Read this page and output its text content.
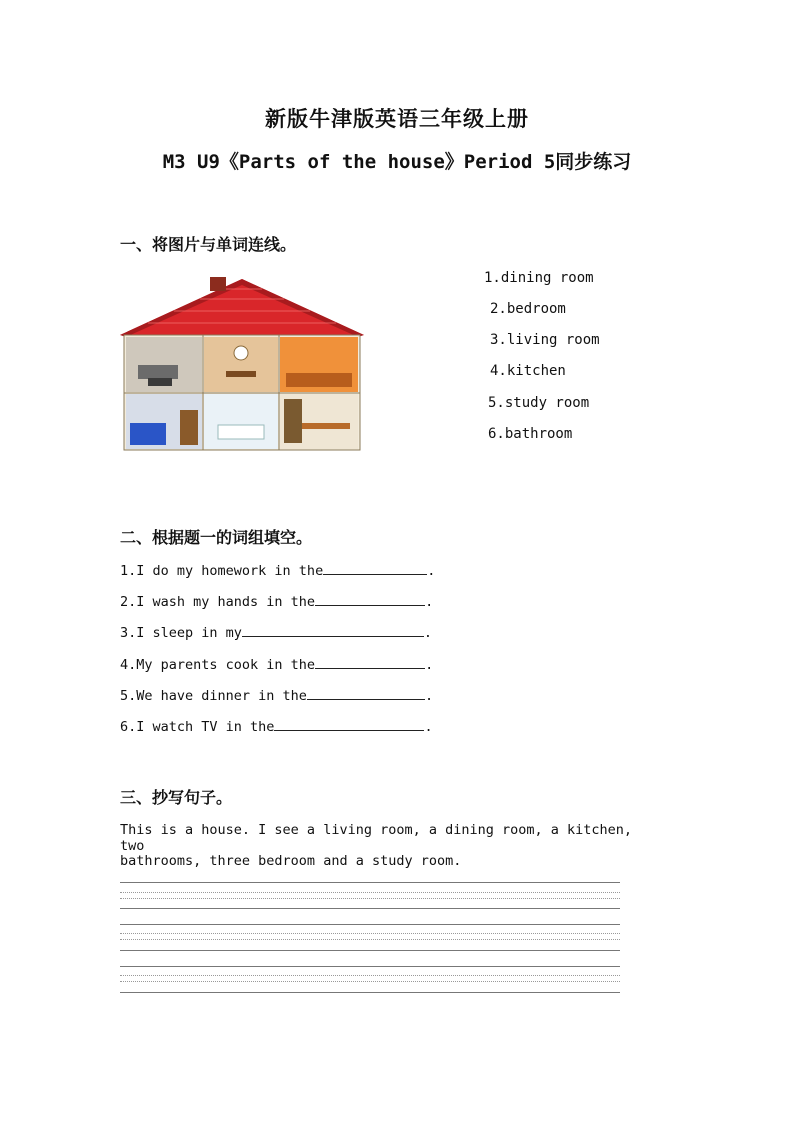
新版牛津版英语三年级上册
M3 U9《Parts of the house》Period 5同步练习
一、将图片与单词连线。
1.dining room
2.bedroom
3.living room
4.kitchen
5.study room
6.bathroom
二、根据题一的词组填空。
1.I do my homework in the	.
2.I wash my hands in the	.
3.I sleep in my	.
4.My parents cook in the	.
5.We have dinner in the	.
6.I watch TV in the	.
三、抄写句子。
This is a house. I see a living room, a dining room, a kitchen, two
bathrooms, three bedroom and a study room.
